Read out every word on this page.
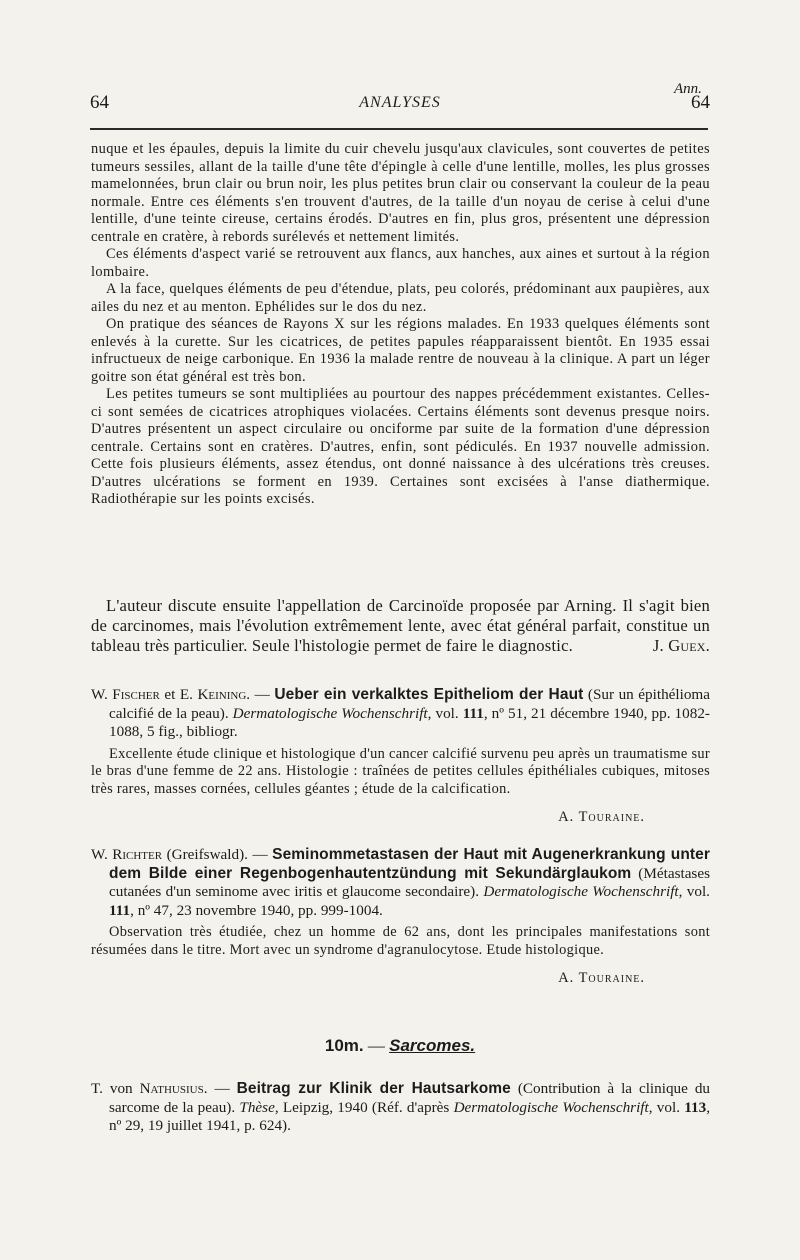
Ann.
64	ANALYSES	64

nuque et les épaules, depuis la limite du cuir chevelu jusqu'aux clavicules, sont couvertes de petites tumeurs sessiles, allant de la taille d'une tête d'épingle à celle d'une lentille, molles, les plus grosses mamelonnées, brun clair ou brun noir, les plus petites brun clair ou conservant la couleur de la peau normale. Entre ces éléments s'en trouvent d'autres, de la taille d'un noyau de cerise à celui d'une lentille, d'une teinte cireuse, certains érodés. D'autres en fin, plus gros, présentent une dépression centrale en cratère, à rebords surélevés et nettement limités.

Ces éléments d'aspect varié se retrouvent aux flancs, aux hanches, aux aines et surtout à la région lombaire.

A la face, quelques éléments de peu d'étendue, plats, peu colorés, prédominant aux paupières, aux ailes du nez et au menton. Ephélides sur le dos du nez.

On pratique des séances de Rayons X sur les régions malades. En 1933 quelques éléments sont enlevés à la curette. Sur les cicatrices, de petites papules réapparaissent bientôt. En 1935 essai infructueux de neige carbonique. En 1936 la malade rentre de nouveau à la clinique. A part un léger goitre son état général est très bon.

Les petites tumeurs se sont multipliées au pourtour des nappes précédemment existantes. Celles-ci sont semées de cicatrices atrophiques violacées. Certains éléments sont devenus presque noirs. D'autres présentent un aspect circulaire ou onciforme par suite de la formation d'une dépression centrale. Certains sont en cratères. D'autres, enfin, sont pédiculés. En 1937 nouvelle admission. Cette fois plusieurs éléments, assez étendus, ont donné naissance à des ulcérations très creuses. D'autres ulcérations se forment en 1939. Certaines sont excisées à l'anse diathermique. Radiothérapie sur les points excisés.

L'auteur discute ensuite l'appellation de Carcinoïde proposée par Arning. Il s'agit bien de carcinomes, mais l'évolution extrêmement lente, avec état général parfait, constitue un tableau très particulier. Seule l'histologie permet de faire le diagnostic.	J. Guex.

W. Fischer et E. Keining. — Ueber ein verkalktes Epitheliom der Haut (Sur un épithélioma calcifié de la peau). Dermatologische Wochenschrift, vol. 111, nº 51, 21 décembre 1940, pp. 1082-1088, 5 fig., bibliogr.

Excellente étude clinique et histologique d'un cancer calcifié survenu peu après un traumatisme sur le bras d'une femme de 22 ans. Histologie : traînées de petites cellules épithéliales cubiques, mitoses très rares, masses cornées, cellules géantes ; étude de la calcification.

A. Touraine.

W. Richter (Greifswald). — Seminommetastasen der Haut mit Augenerkrankung unter dem Bilde einer Regenbogenhautentzündung mit Sekundärglaukom (Métastases cutanées d'un seminome avec iritis et glaucome secondaire). Dermatologische Wochenschrift, vol. 111, nº 47, 23 novembre 1940, pp. 999-1004.

Observation très étudiée, chez un homme de 62 ans, dont les principales manifestations sont résumées dans le titre. Mort avec un syndrome d'agranulocytose. Etude histologique.

A. Touraine.
10m. — Sarcomes.

T. von Nathusius. — Beitrag zur Klinik der Hautsarkome (Contribution à la clinique du sarcome de la peau). Thèse, Leipzig, 1940 (Réf. d'après Dermatologische Wochenschrift, vol. 113, nº 29, 19 juillet 1941, p. 624).
